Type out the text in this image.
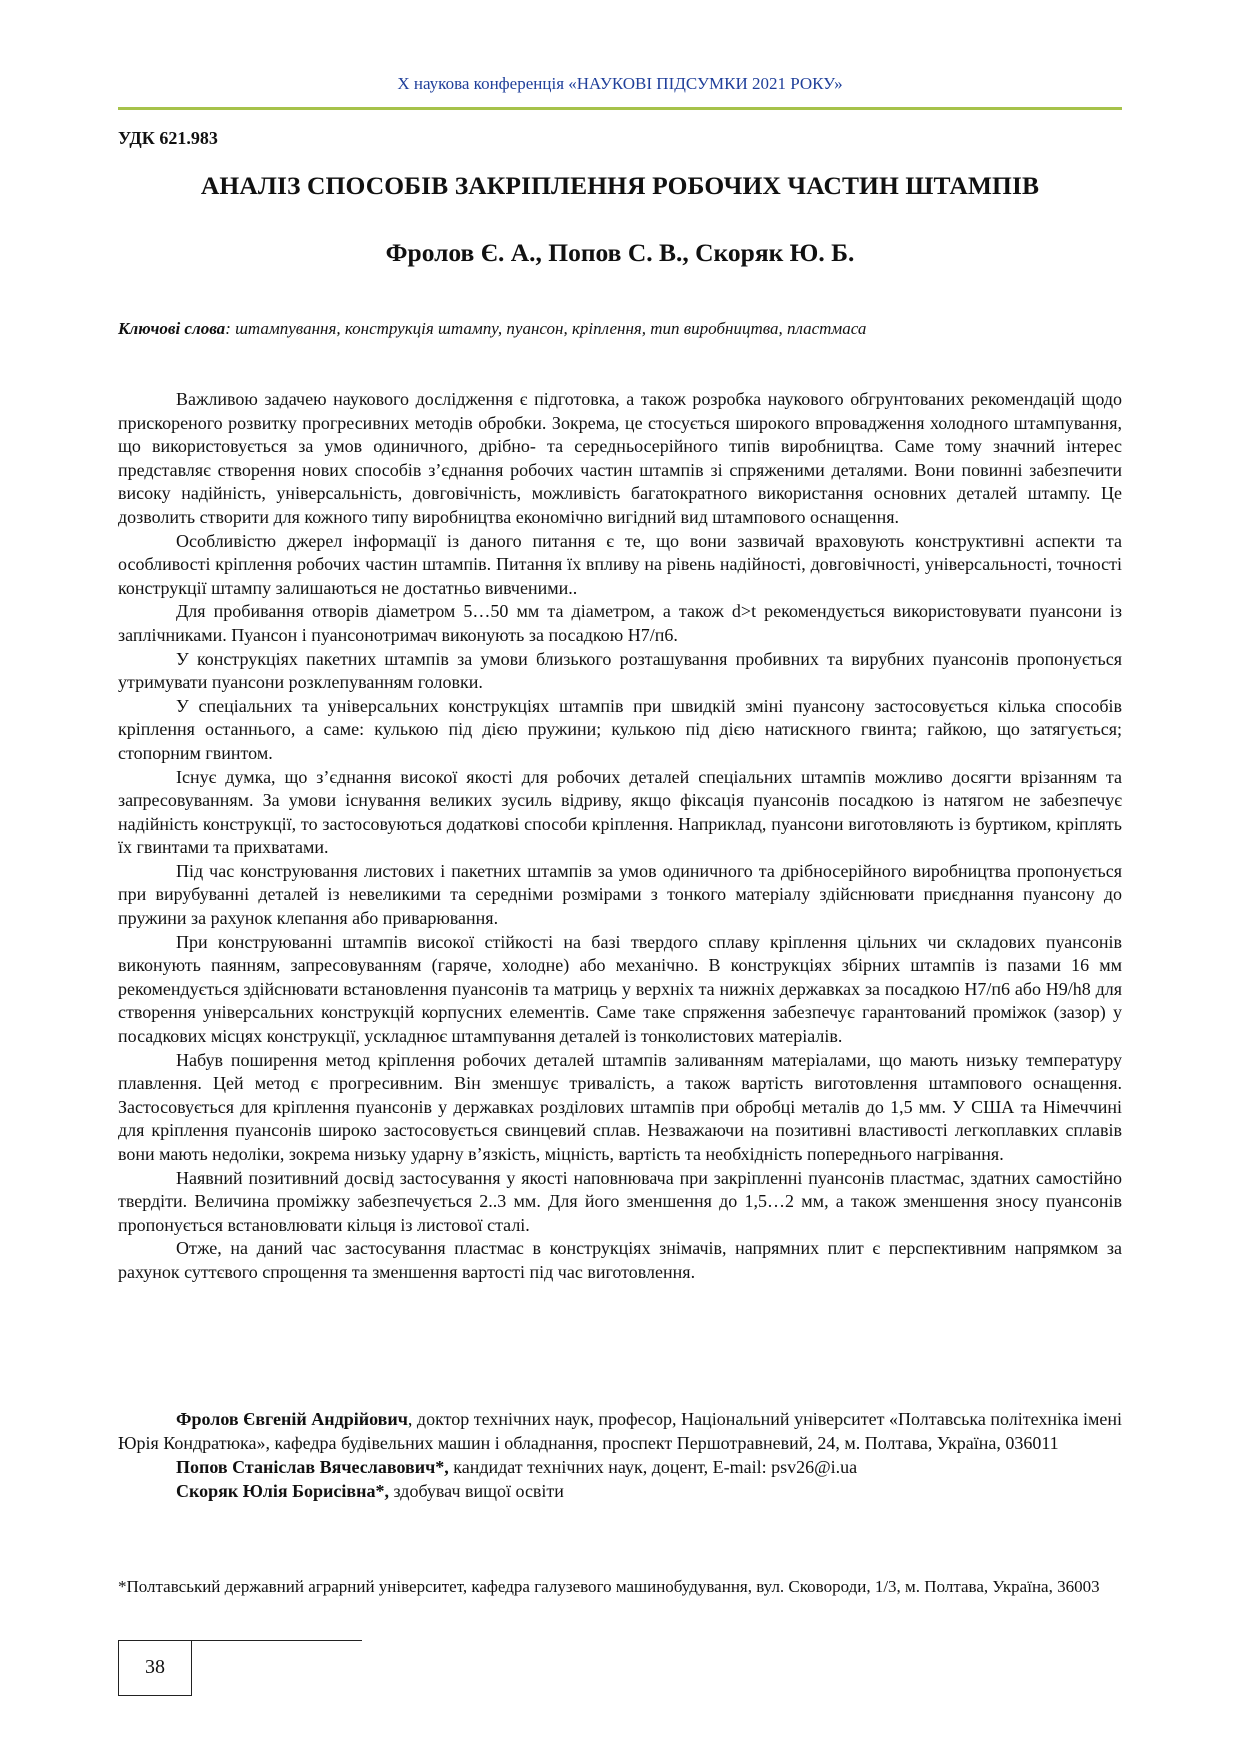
Х наукова конференція «НАУКОВІ ПІДСУМКИ 2021 РОКУ»
УДК 621.983
АНАЛІЗ СПОСОБІВ ЗАКРІПЛЕННЯ РОБОЧИХ ЧАСТИН ШТАМПІВ
Фролов Є. А., Попов С. В., Скоряк Ю. Б.
Ключові слова: штампування, конструкція штампу, пуансон, кріплення, тип виробництва, пластмаса

Важливою задачею наукового дослідження є підготовка, а також розробка наукового обгрунтованих рекомендацій щодо прискореного розвитку прогресивних методів обробки. Зокрема, це стосується широкого впровадження холодного штампування, що використовується за умов одиничного, дрібно- та середньосерійного типів виробництва. Саме тому значний інтерес представляє створення нових способів з’єднання робочих частин штампів зі спряженими деталями. Вони повинні забезпечити високу надійність, універсальність, довговічність, можливість багатократного використання основних деталей штампу. Це дозволить створити для кожного типу виробництва економічно вигідний вид штампового оснащення.

Особливістю джерел інформації із даного питання є те, що вони зазвичай враховують конструктивні аспекти та особливості кріплення робочих частин штампів. Питання їх впливу на рівень надійності, довговічності, універсальності, точності конструкції штампу залишаються не достатньо вивченими..

Для пробивання отворів діаметром 5…50 мм та діаметром, а також d>t рекомендується використовувати пуансони із заплічниками. Пуансон і пуансонотримач виконують за посадкою Н7/п6.

У конструкціях пакетних штампів за умови близького розташування пробивних та вирубних пуансонів пропонується утримувати пуансони розклепуванням головки.

У спеціальних та універсальних конструкціях штампів при швидкій зміні пуансону застосовується кілька способів кріплення останнього, а саме: кулькою під дією пружини; кулькою під дією натискного гвинта; гайкою, що затягується; стопорним гвинтом.

Існує думка, що з’єднання високої якості для робочих деталей спеціальних штампів можливо досягти врізанням та запресовуванням. За умови існування великих зусиль відриву, якщо фіксація пуансонів посадкою із натягом не забезпечує надійність конструкції, то застосовуються додаткові способи кріплення. Наприклад, пуансони виготовляють із буртиком, кріплять їх гвинтами та прихватами.

Під час конструювання листових і пакетних штампів за умов одиничного та дрібносерійного виробництва пропонується при вирубуванні деталей із невеликими та середніми розмірами з тонкого матеріалу здійснювати приєднання пуансону до пружини за рахунок клепання або приварювання.

При конструюванні штампів високої стійкості на базі твердого сплаву кріплення цільних чи складових пуансонів виконують паянням, запресовуванням (гаряче, холодне) або механічно. В конструкціях збірних штампів із пазами 16 мм рекомендується здійснювати встановлення пуансонів та матриць у верхніх та нижніх державках за посадкою Н7/п6 або Н9/h8 для створення універсальних конструкцій корпусних елементів. Саме таке спряження забезпечує гарантований проміжок (зазор) у посадкових місцях конструкції, ускладнює штампування деталей із тонколистових матеріалів.

Набув поширення метод кріплення робочих деталей штампів заливанням матеріалами, що мають низьку температуру плавлення. Цей метод є прогресивним. Він зменшує тривалість, а також вартість виготовлення штампового оснащення. Застосовується для кріплення пуансонів у державках розділових штампів при обробці металів до 1,5 мм. У США та Німеччині для кріплення пуансонів широко застосовується свинцевий сплав. Незважаючи на позитивні властивості легкоплавких сплавів вони мають недоліки, зокрема низьку ударну в’язкість, міцність, вартість та необхідність попереднього нагрівання.

Наявний позитивний досвід застосування у якості наповнювача при закріпленні пуансонів пластмас, здатних самостійно твердіти. Величина проміжку забезпечується 2..3 мм. Для його зменшення до 1,5…2 мм, а також зменшення зносу пуансонів пропонується встановлювати кільця із листової сталі.

Отже, на даний час застосування пластмас в конструкціях знімачів, напрямних плит є перспективним напрямком за рахунок суттєвого спрощення та зменшення вартості під час виготовлення.

Фролов Євгеній Андрійович, доктор технічних наук, професор, Національний університет «Полтавська політехніка імені Юрія Кондратюка», кафедра будівельних машин і обладнання, проспект Першотравневий, 24, м. Полтава, Україна, 036011

Попов Станіслав Вячеславович*, кандидат технічних наук, доцент, E-mail: psv26@i.ua

Скоряк Юлія Борисівна*, здобувач вищої освіти

*Полтавський державний аграрний університет, кафедра галузевого машинобудування, вул. Сковороди, 1/3, м. Полтава, Україна, 36003
38
